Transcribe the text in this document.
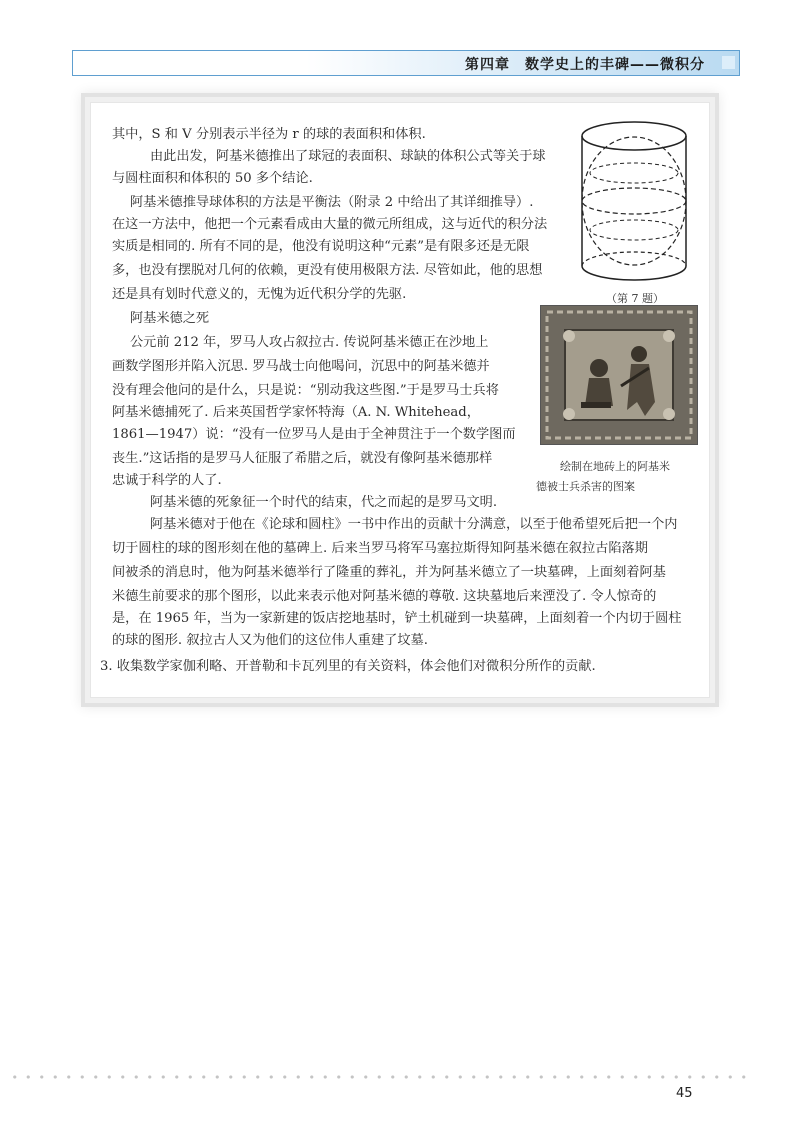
第四章　数学史上的丰碑——微积分
其中，S 和 V 分别表示半径为 r 的球的表面积和体积.
由此出发，阿基米德推出了球冠的表面积、球缺的体积公式等关于球
与圆柱面积和体积的 50 多个结论.
阿基米德推导球体积的方法是平衡法（附录 2 中给出了其详细推导）.
在这一方法中，他把一个元素看成由大量的微元所组成，这与近代的积分法
实质是相同的. 所有不同的是，他没有说明这种“元素”是有限多还是无限
多，也没有摆脱对几何的依赖，更没有使用极限方法. 尽管如此，他的思想
还是具有划时代意义的，无愧为近代积分学的先驱.
阿基米德之死
公元前 212 年，罗马人攻占叙拉古. 传说阿基米德正在沙地上
画数学图形并陷入沉思. 罗马战士向他喝问，沉思中的阿基米德并
没有理会他问的是什么，只是说：“别动我这些图.”于是罗马士兵将
阿基米德捕死了. 后来英国哲学家怀特海（A. N. Whitehead，
1861—1947）说：“没有一位罗马人是由于全神贯注于一个数学图而
丧生.”这话指的是罗马人征服了希腊之后，就没有像阿基米德那样
忠诚于科学的人了.
阿基米德的死象征一个时代的结束，代之而起的是罗马文明.
阿基米德对于他在《论球和圆柱》一书中作出的贡献十分满意，以至于他希望死后把一个内
切于圆柱的球的图形刻在他的墓碑上. 后来当罗马将军马塞拉斯得知阿基米德在叙拉古陷落期
间被杀的消息时，他为阿基米德举行了隆重的葬礼，并为阿基米德立了一块墓碑，上面刻着阿基
米德生前要求的那个图形，以此来表示他对阿基米德的尊敬. 这块墓地后来湮没了. 令人惊奇的
是，在 1965 年，当为一家新建的饭店挖地基时，铲土机碰到一块墓碑，上面刻着一个内切于圆柱
的球的图形. 叙拉古人又为他们的这位伟人重建了坟墓.
3. 收集数学家伽利略、开普勒和卡瓦列里的有关资料，体会他们对微积分所作的贡献.
（第 7 题）
绘制在地砖上的阿基米
德被士兵杀害的图案
45
